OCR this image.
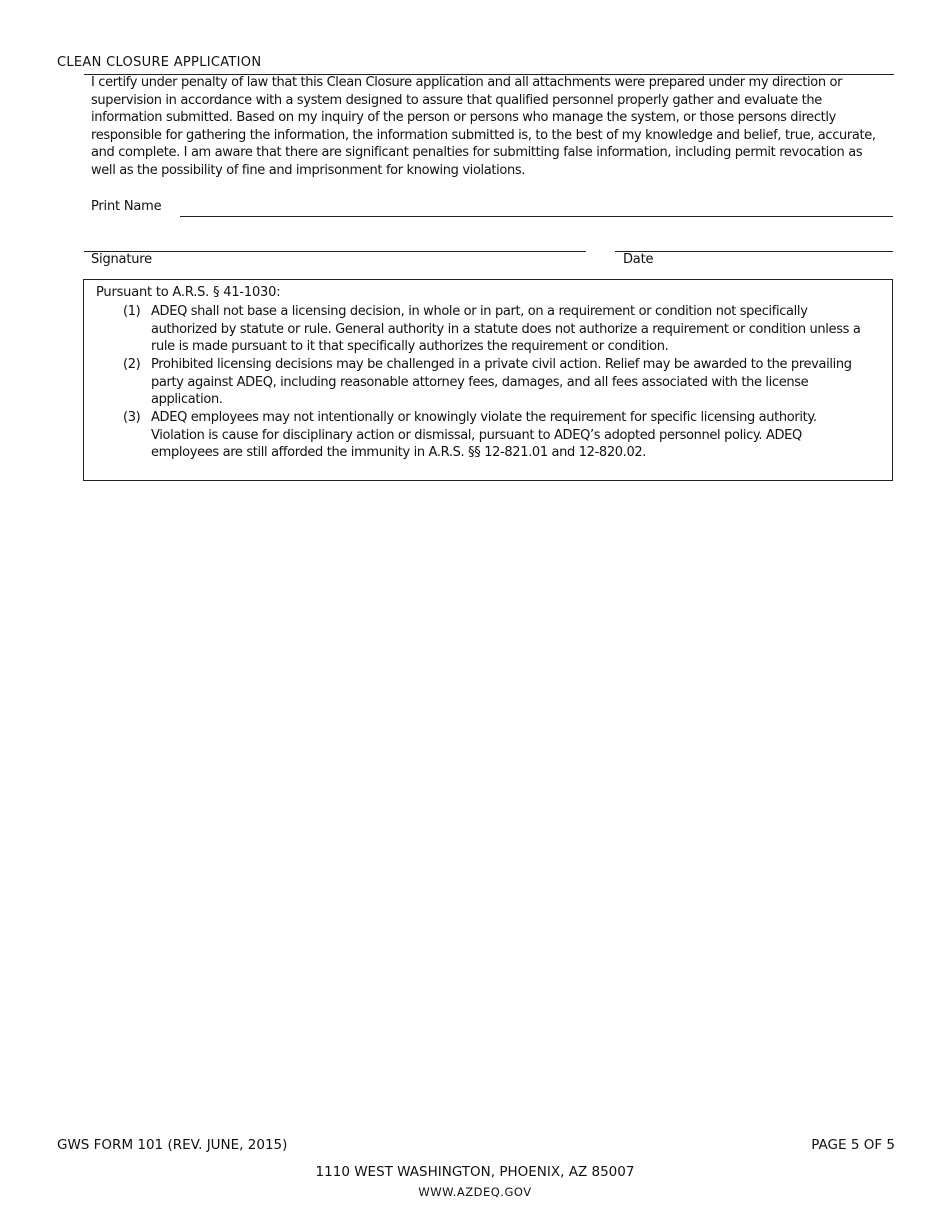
CLEAN CLOSURE APPLICATION
I certify under penalty of law that this Clean Closure application and all attachments were prepared under my direction or
supervision in accordance with a system designed to assure that qualified personnel properly gather and evaluate the
information submitted. Based on my inquiry of the person or persons who manage the system, or those persons directly
responsible for gathering the information, the information submitted is, to the best of my knowledge and belief, true, accurate,
and complete. I am aware that there are significant penalties for submitting false information, including permit revocation as
well as the possibility of fine and imprisonment for knowing violations.
Print Name
Signature	Date
Pursuant to A.R.S. § 41-1030:
(1) ADEQ shall not base a licensing decision, in whole or in part, on a requirement or condition not specifically
authorized by statute or rule. General authority in a statute does not authorize a requirement or condition unless a
rule is made pursuant to it that specifically authorizes the requirement or condition.
(2) Prohibited licensing decisions may be challenged in a private civil action. Relief may be awarded to the prevailing
party against ADEQ, including reasonable attorney fees, damages, and all fees associated with the license
application.
(3) ADEQ employees may not intentionally or knowingly violate the requirement for specific licensing authority.
Violation is cause for disciplinary action or dismissal, pursuant to ADEQ’s adopted personnel policy. ADEQ
employees are still afforded the immunity in A.R.S. §§ 12-821.01 and 12-820.02.
GWS FORM 101 (REV. JUNE, 2015)	PAGE 5 OF 5
1110 WEST WASHINGTON, PHOENIX, AZ 85007
WWW.AZDEQ.GOV
